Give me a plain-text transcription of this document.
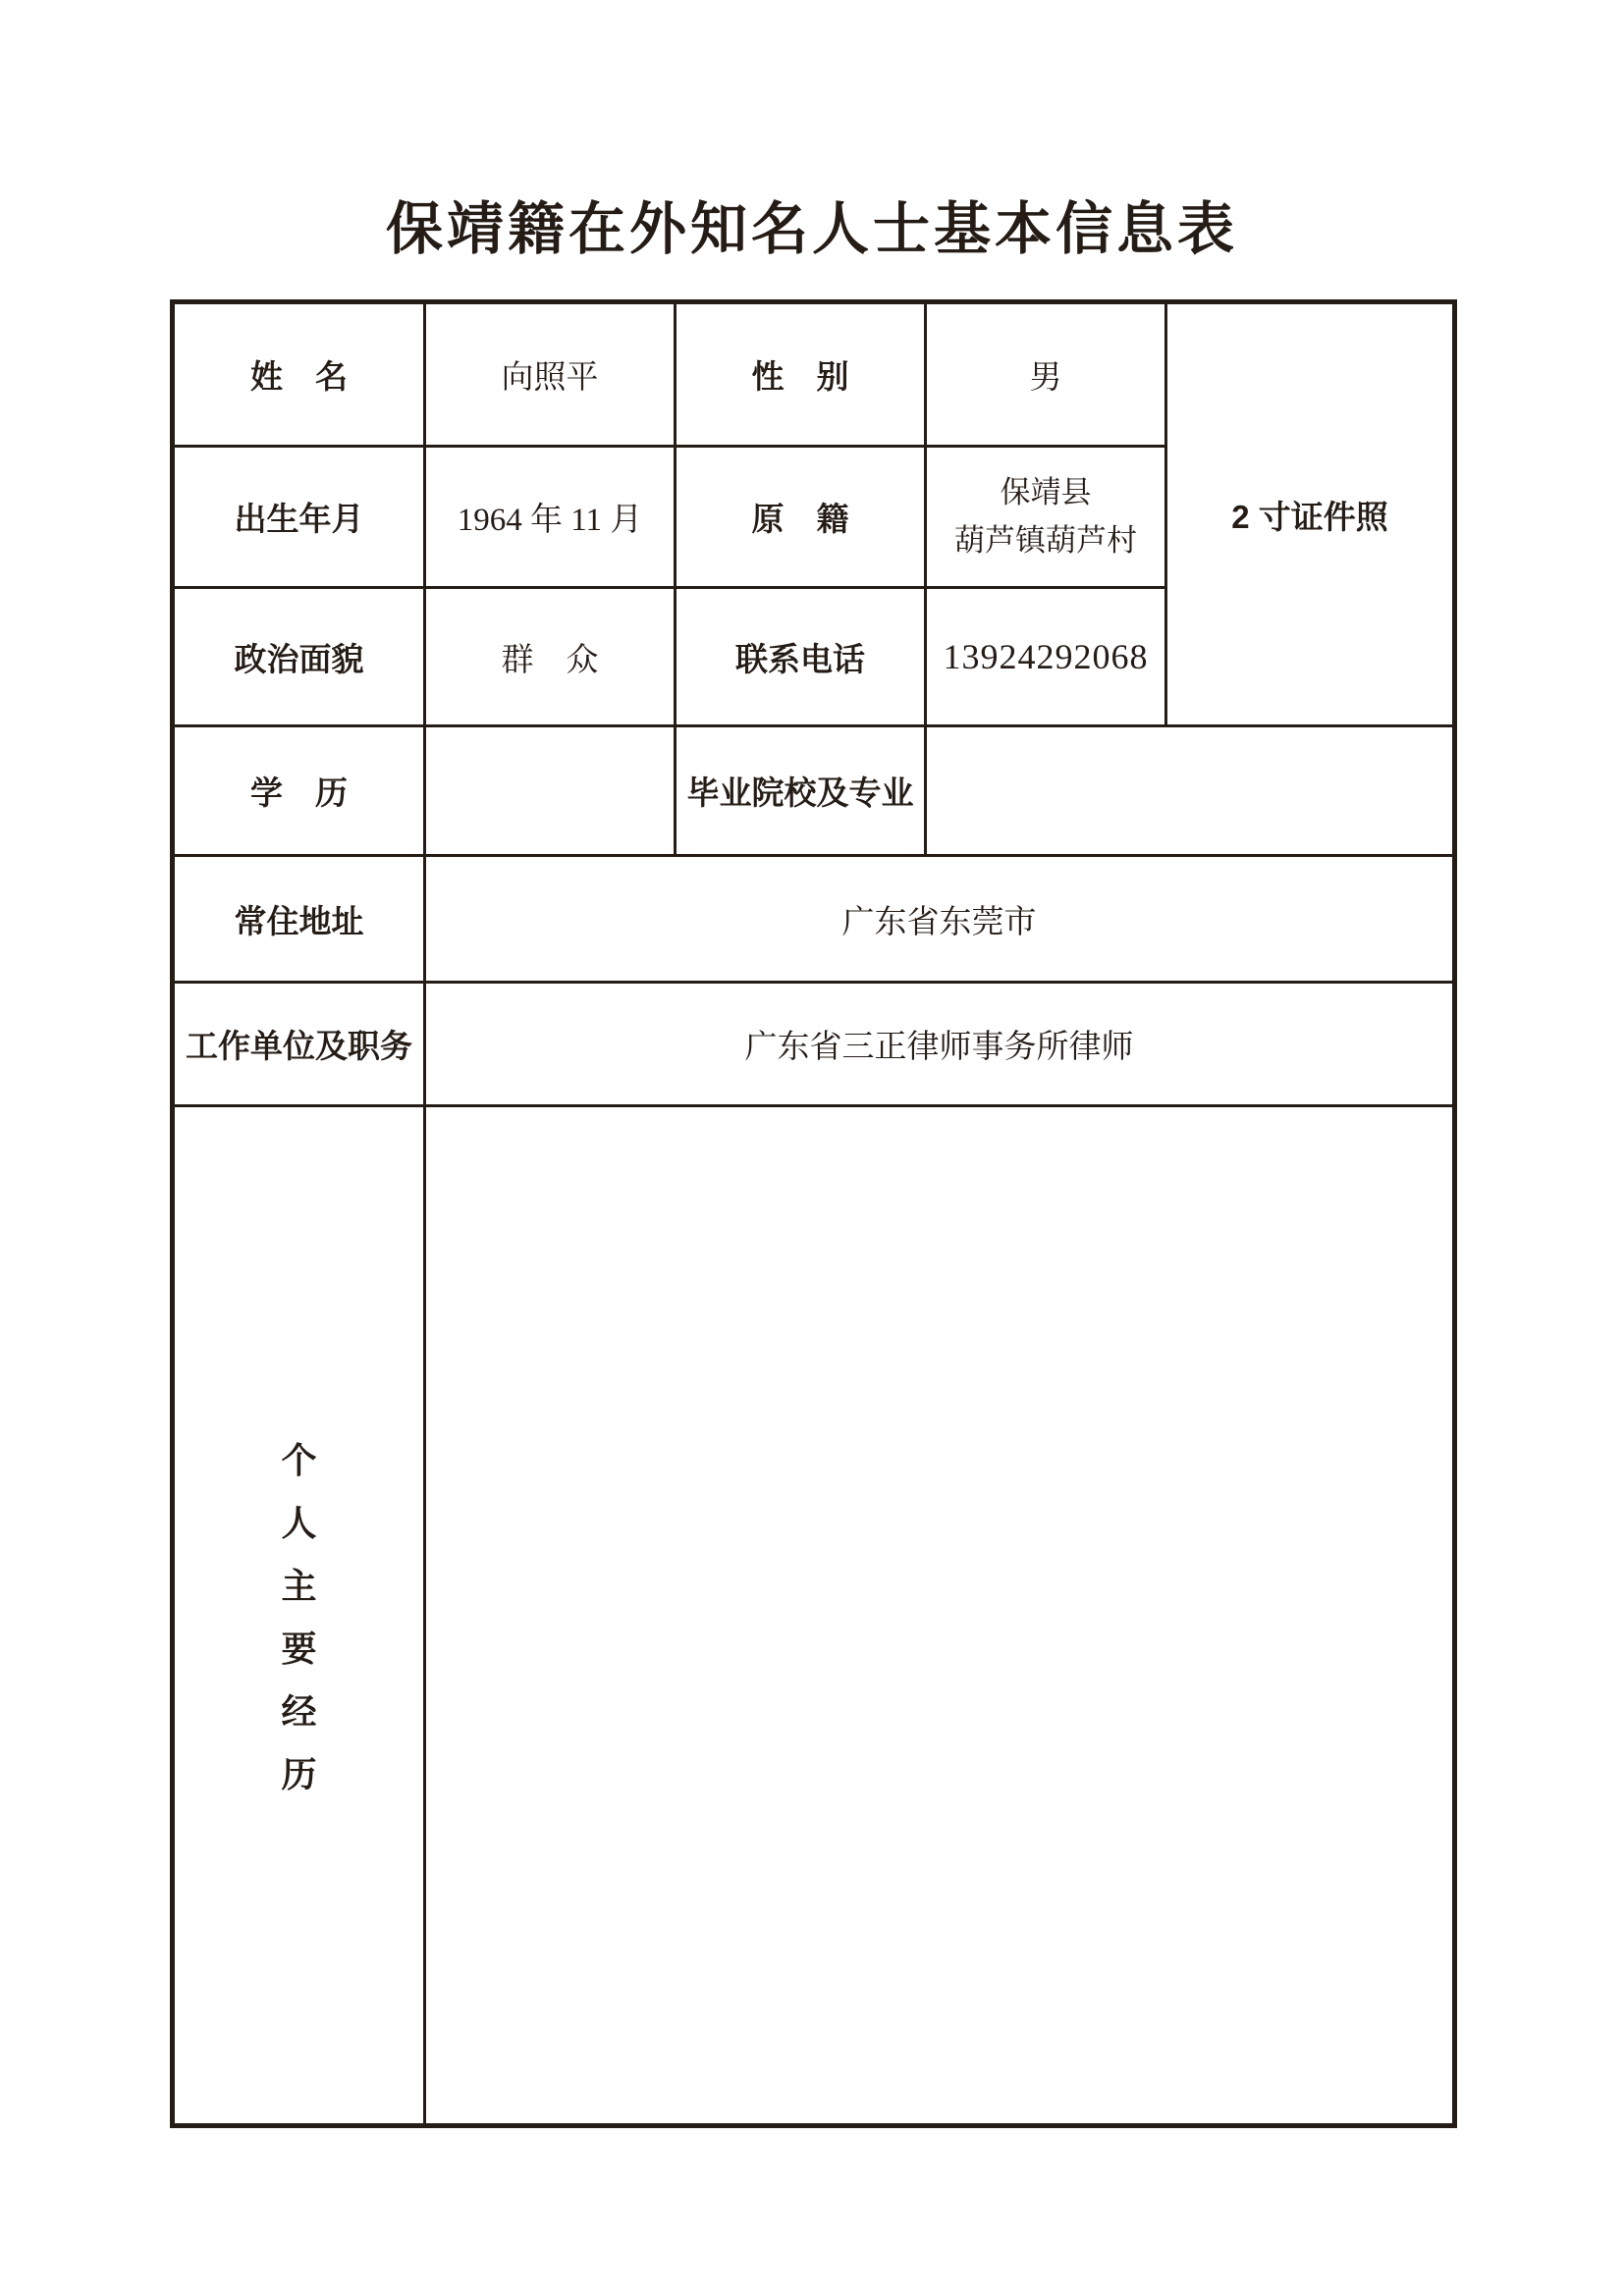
保靖籍在外知名人士基本信息表
姓　名	向照平	性　别	男	2 寸证件照
出生年月	1964 年 11 月	原　籍	保靖县
葫芦镇葫芦村	

政治面貌	群　众	联系电话	13924292068	
学　历		毕业院校及专业		
常住地址	广东省东莞市			
工作单位及职务	广东省三正律师事务所律师			

个
人
主
要
经
历
